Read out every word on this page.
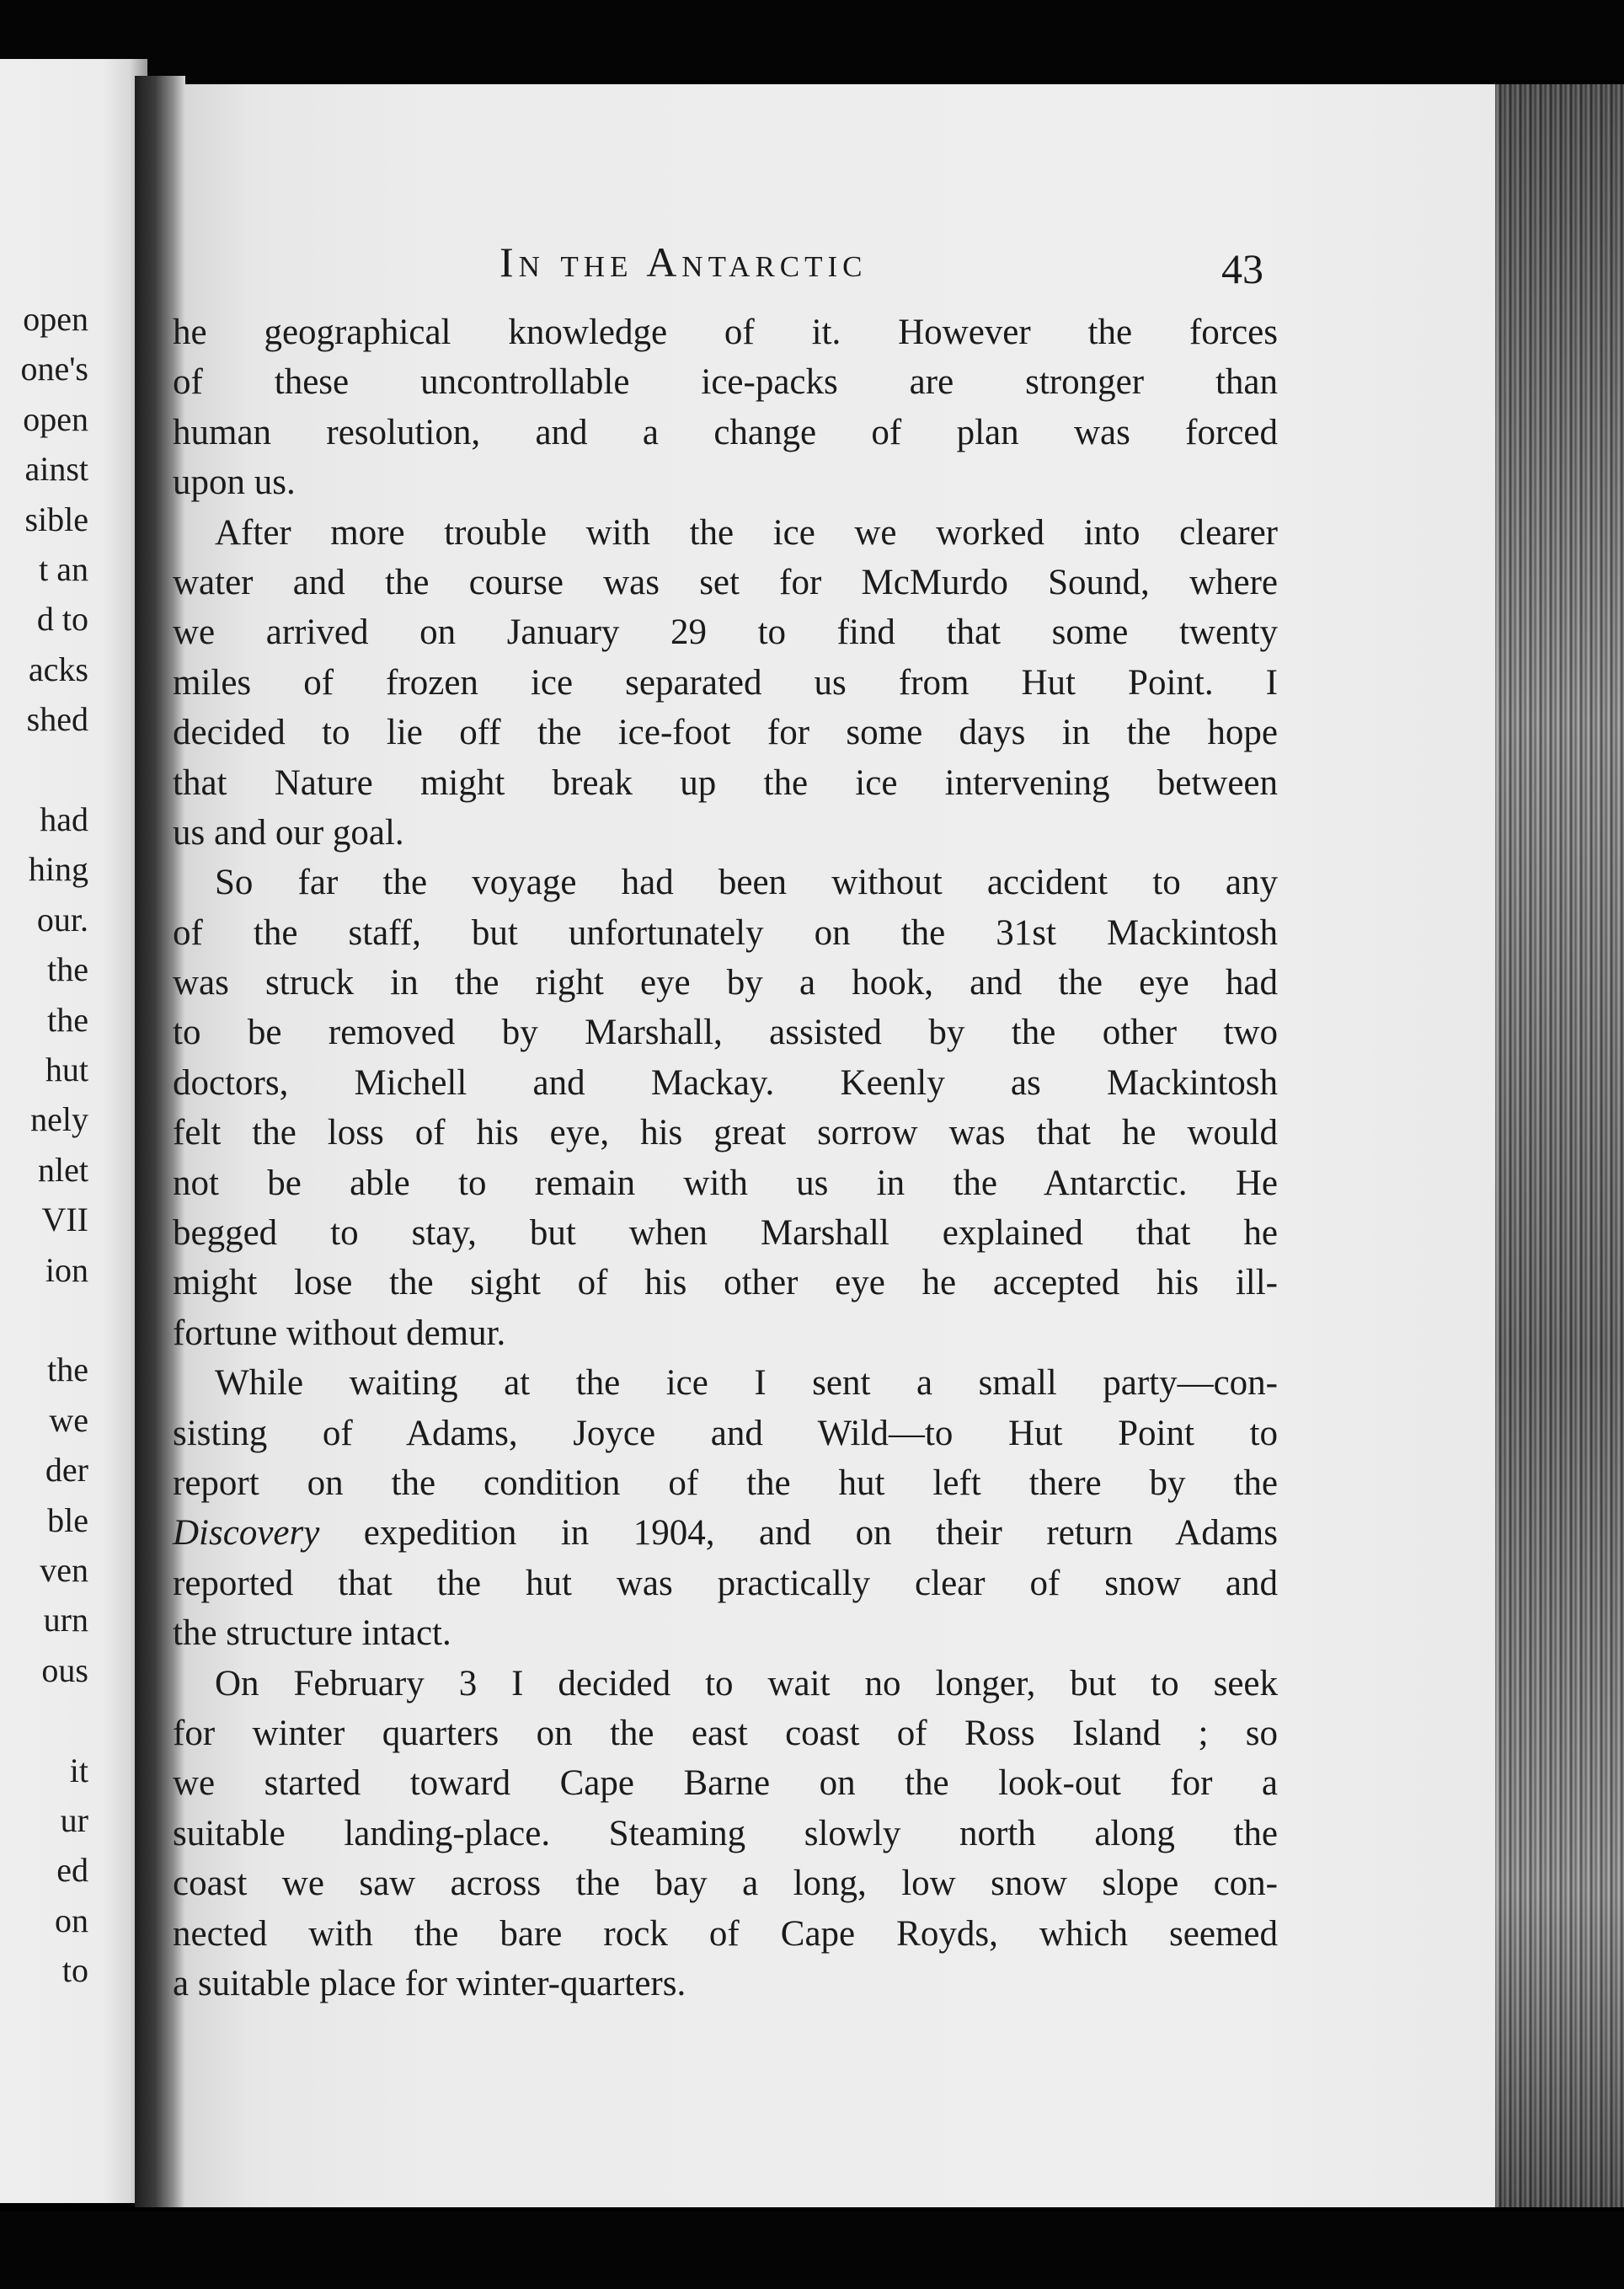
open
one's
open
ainst
sible
t an
d to
acks
shed
had
hing
our.
the
the
hut
nely
nlet
VII
ion
the
we
der
ble
ven
urn
ous
it
ur
ed
on
to
In the Antarctic	43
he geographical knowledge of it. However the forces
of these uncontrollable ice-packs are stronger than
human resolution, and a change of plan was forced
upon us.
After more trouble with the ice we worked into clearer
water and the course was set for McMurdo Sound, where
we arrived on January 29 to find that some twenty
miles of frozen ice separated us from Hut Point. I
decided to lie off the ice-foot for some days in the hope
that Nature might break up the ice intervening between
us and our goal.
So far the voyage had been without accident to any
of the staff, but unfortunately on the 31st Mackintosh
was struck in the right eye by a hook, and the eye had
to be removed by Marshall, assisted by the other two
doctors, Michell and Mackay. Keenly as Mackintosh
felt the loss of his eye, his great sorrow was that he would
not be able to remain with us in the Antarctic. He
begged to stay, but when Marshall explained that he
might lose the sight of his other eye he accepted his ill-
fortune without demur.
While waiting at the ice I sent a small party—con-
sisting of Adams, Joyce and Wild—to Hut Point to
report on the condition of the hut left there by the
Discovery expedition in 1904, and on their return Adams
reported that the hut was practically clear of snow and
the structure intact.
On February 3 I decided to wait no longer, but to seek
for winter quarters on the east coast of Ross Island ; so
we started toward Cape Barne on the look-out for a
suitable landing-place. Steaming slowly north along the
coast we saw across the bay a long, low snow slope con-
nected with the bare rock of Cape Royds, which seemed
a suitable place for winter-quarters.
